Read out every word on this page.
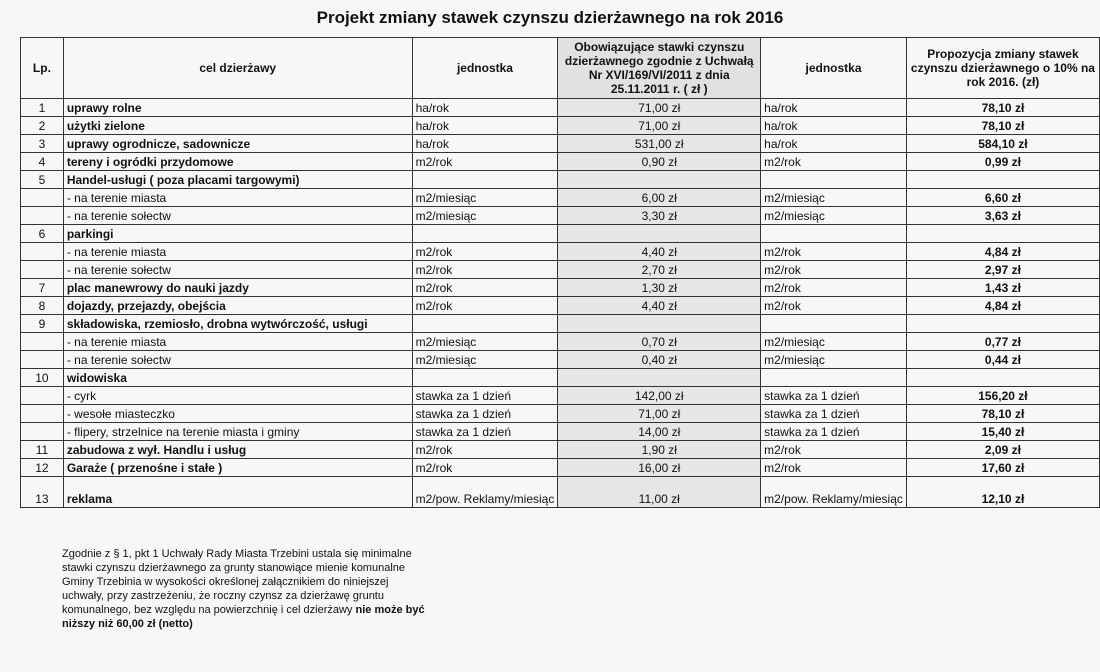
Projekt zmiany stawek czynszu dzierżawnego na rok 2016
Lp.	cel dzierżawy	jednostka	Obowiązujące stawki czynszu dzierżawnego zgodnie z Uchwałą Nr XVI/169/VI/2011 z dnia 25.11.2011 r. ( zł )	jednostka	Propozycja zmiany stawek czynszu dzierżawnego o 10% na rok 2016. (zł)
1	uprawy rolne	ha/rok	71,00 zł	ha/rok	78,10 zł
2	użytki zielone	ha/rok	71,00 zł	ha/rok	78,10 zł
3	uprawy ogrodnicze, sadownicze	ha/rok	531,00 zł	ha/rok	584,10 zł
4	tereny i ogródki przydomowe	m2/rok	0,90 zł	m2/rok	0,99 zł
5	Handel-usługi ( poza placami targowymi)				
	- na terenie miasta	m2/miesiąc	6,00 zł	m2/miesiąc	6,60 zł
	- na terenie sołectw	m2/miesiąc	3,30 zł	m2/miesiąc	3,63 zł
6	parkingi				
	- na terenie miasta	m2/rok	4,40 zł	m2/rok	4,84 zł
	- na terenie sołectw	m2/rok	2,70 zł	m2/rok	2,97 zł
7	plac manewrowy do nauki jazdy	m2/rok	1,30 zł	m2/rok	1,43 zł
8	dojazdy, przejazdy, obejścia	m2/rok	4,40 zł	m2/rok	4,84 zł
9	składowiska, rzemiosło, drobna wytwórczość, usługi				
	- na terenie miasta	m2/miesiąc	0,70 zł	m2/miesiąc	0,77 zł
	- na terenie sołectw	m2/miesiąc	0,40 zł	m2/miesiąc	0,44 zł
10	widowiska				
	- cyrk	stawka za 1 dzień	142,00 zł	stawka za 1 dzień	156,20 zł
	- wesołe miasteczko	stawka za 1 dzień	71,00 zł	stawka za 1 dzień	78,10 zł
	- flipery, strzelnice na terenie miasta i gminy	stawka za 1 dzień	14,00 zł	stawka za 1 dzień	15,40 zł
11	zabudowa z wył. Handlu i usług	m2/rok	1,90 zł	m2/rok	2,09 zł
12	Garaże ( przenośne i stałe )	m2/rok	16,00 zł	m2/rok	17,60 zł
13	reklama	m2/pow. Reklamy/miesiąc	11,00 zł	m2/pow. Reklamy/miesiąc	12,10 zł
Zgodnie z § 1, pkt 1 Uchwały Rady Miasta Trzebini ustala się minimalne stawki czynszu dzierżawnego za grunty stanowiące mienie komunalne Gminy Trzebinia w wysokości określonej załącznikiem do niniejszej uchwały, przy zastrzeżeniu, że roczny czynsz za dzierżawę gruntu komunalnego, bez względu na powierzchnię i cel dzierżawy nie może być niższy niż 60,00 zł (netto)
